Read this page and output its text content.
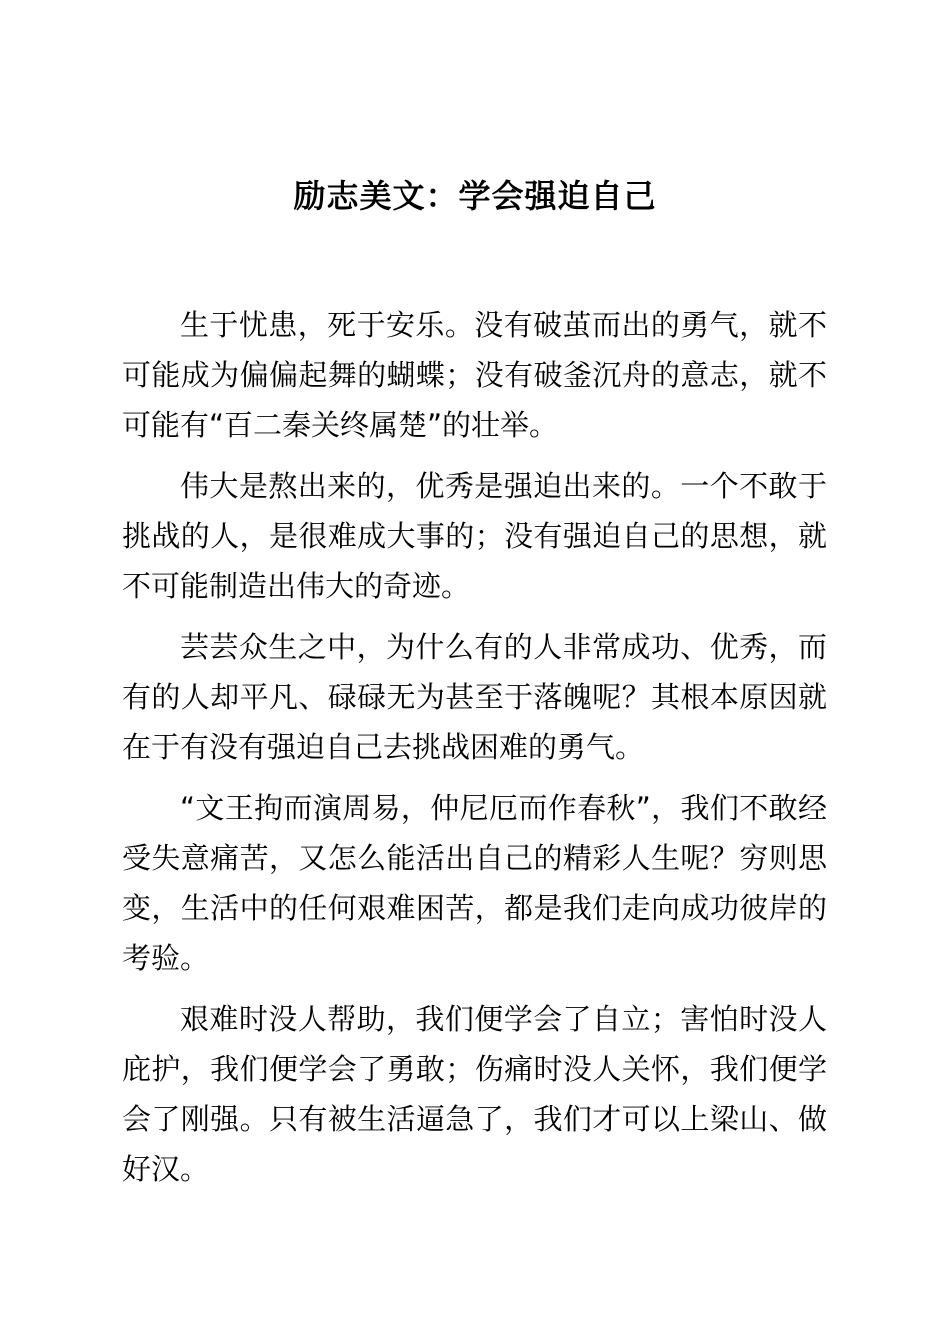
励志美文：学会强迫自己

生于忧患，死于安乐。没有破茧而出的勇气，就不可能成为偏偏起舞的蝴蝶；没有破釜沉舟的意志，就不可能有“百二秦关终属楚”的壮举。

伟大是熬出来的，优秀是强迫出来的。一个不敢于挑战的人，是很难成大事的；没有强迫自己的思想，就不可能制造出伟大的奇迹。

芸芸众生之中，为什么有的人非常成功、优秀，而有的人却平凡、碌碌无为甚至于落魄呢？其根本原因就在于有没有强迫自己去挑战困难的勇气。

“文王拘而演周易，仲尼厄而作春秋”，我们不敢经受失意痛苦，又怎么能活出自己的精彩人生呢？穷则思变，生活中的任何艰难困苦，都是我们走向成功彼岸的考验。

艰难时没人帮助，我们便学会了自立；害怕时没人庇护，我们便学会了勇敢；伤痛时没人关怀，我们便学会了刚强。只有被生活逼急了，我们才可以上梁山、做好汉。
